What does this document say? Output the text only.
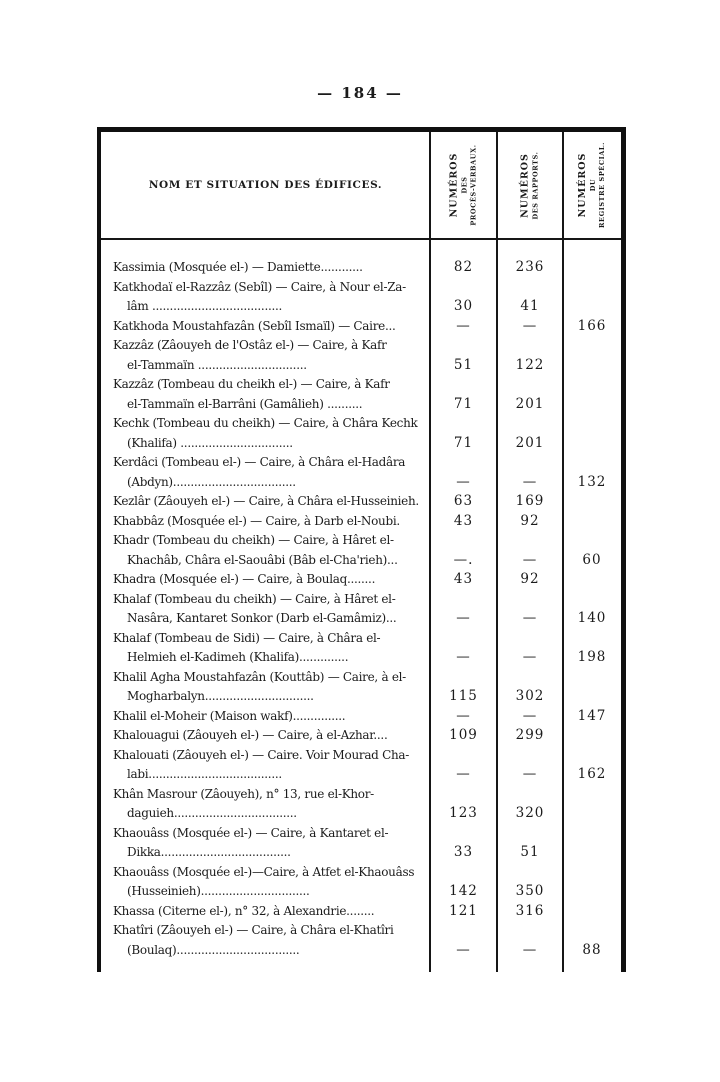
— 184 —
NOM ET SITUATION DES ÉDIFICES.	NUMÉROS DES PROCÈS-VERBAUX.	NUMÉROS DES RAPPORTS.	NUMÉROS DU REGISTRE SPÉCIAL.
Kassimia (Mosquée el-) — Damiette............	82	236
Katkhodaï el-Razzâz (Sebîl) — Caire, à Nour el-Za-
lâm .....................................	30	41
Katkhoda Moustahfazân (Sebîl Ismaïl) — Caire...	—	—	166
Kazzâz (Zâouyeh de l'Ostâz el-) — Caire, à Kafr
el-Tammaïn ...............................	51	122
Kazzâz (Tombeau du cheikh el-) — Caire, à Kafr
el-Tammaïn el-Barrâni (Gamâlieh) ..........	71	201
Kechk (Tombeau du cheikh) — Caire, à Châra Kechk
(Khalifa) ................................	71	201
Kerdâci (Tombeau el-) — Caire, à Châra el-Hadâra
(Abdyn)...................................	—	—	132
Kezlâr (Zâouyeh el-) — Caire, à Châra el-Husseinieh.	63	169
Khabbâz (Mosquée el-) — Caire, à Darb el-Noubi.	43	92
Khadr (Tombeau du cheikh) — Caire, à Hâret el-
Khachâb, Châra el-Saouâbi (Bâb el-Cha'rieh)...	—.	—	60
Khadra (Mosquée el-) — Caire, à Boulaq........	43	92
Khalaf (Tombeau du cheikh) — Caire, à Hâret el-
Nasâra, Kantaret Sonkor (Darb el-Gamâmiz)...	—	—	140
Khalaf (Tombeau de Sidi) — Caire, à Châra el-
Helmieh el-Kadimeh (Khalifa)..............	—	—	198
Khalil Agha Moustahfazân (Kouttâb) — Caire, à el-
Mogharbalyn...............................	115	302
Khalil el-Moheir (Maison wakf)...............	—	—	147
Khalouagui (Zâouyeh el-) — Caire, à el-Azhar....	109	299
Khalouati (Zâouyeh el-) — Caire. Voir Mourad Cha-
labi......................................	—	—	162
Khân Masrour (Zâouyeh), n° 13, rue el-Khor-
daguieh...................................	123	320
Khaouâss (Mosquée el-) — Caire, à Kantaret el-
Dikka.....................................	33	51
Khaouâss (Mosquée el-)—Caire, à Atfet el-Khaouâss
(Husseinieh)...............................	142	350
Khassa (Citerne el-), n° 32, à Alexandrie........	121	316
Khatîri (Zâouyeh el-) — Caire, à Châra el-Khatîri
(Boulaq)...................................	—	—	88
